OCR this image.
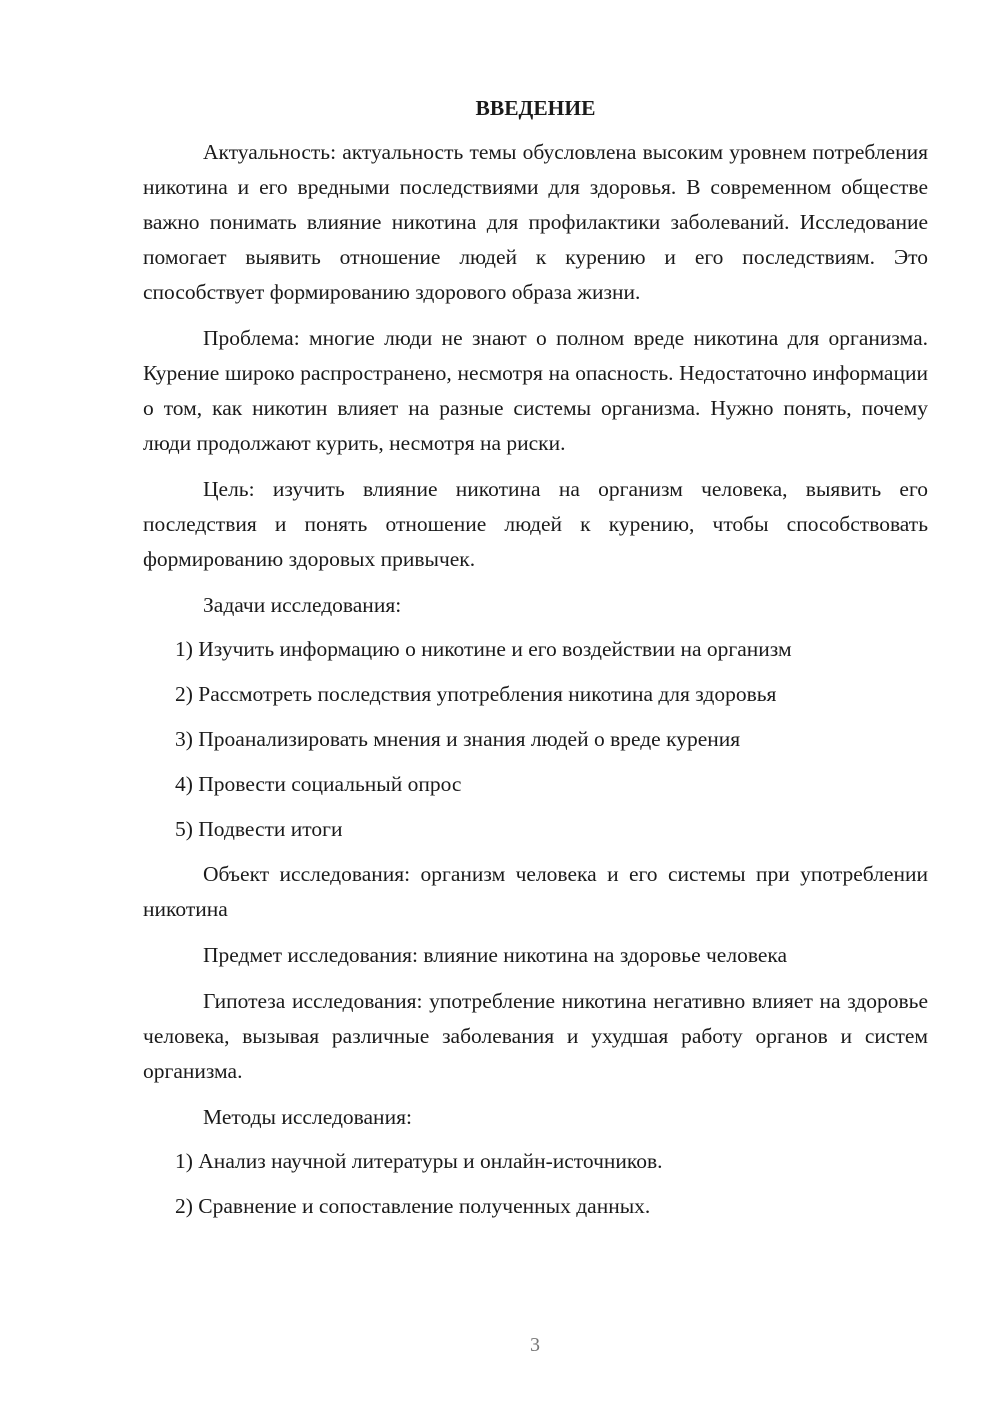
ВВЕДЕНИЕ

Актуальность: актуальность темы обусловлена высоким уровнем потребления никотина и его вредными последствиями для здоровья. В современном обществе важно понимать влияние никотина для профилактики заболеваний. Исследование помогает выявить отношение людей к курению и его последствиям. Это способствует формированию здорового образа жизни.

Проблема: многие люди не знают о полном вреде никотина для организма. Курение широко распространено, несмотря на опасность. Недостаточно информации о том, как никотин влияет на разные системы организма. Нужно понять, почему люди продолжают курить, несмотря на риски.

Цель: изучить влияние никотина на организм человека, выявить его последствия и понять отношение людей к курению, чтобы способствовать формированию здоровых привычек.

Задачи исследования:

1) Изучить информацию о никотине и его воздействии на организм

2) Рассмотреть последствия употребления никотина для здоровья

3) Проанализировать мнения и знания людей о вреде курения

4) Провести социальный опрос

5) Подвести итоги

Объект исследования: организм человека и его системы при употреблении никотина

Предмет исследования: влияние никотина на здоровье человека

Гипотеза исследования: употребление никотина негативно влияет на здоровье человека, вызывая различные заболевания и ухудшая работу органов и систем организма.

Методы исследования:

1) Анализ научной литературы и онлайн-источников.

2) Сравнение и сопоставление полученных данных.

3
